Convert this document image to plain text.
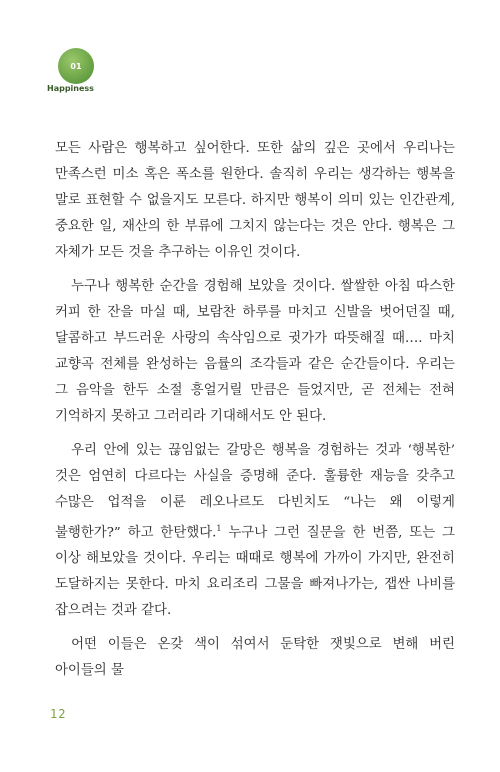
01
Happiness

모든 사람은 행복하고 싶어한다. 또한 삶의 깊은 곳에서 우리나는 만족스런 미소 혹은 폭소를 원한다. 솔직히 우리는 생각하는 행복을 말로 표현할 수 없을지도 모른다. 하지만 행복이 의미 있는 인간관계, 중요한 일, 재산의 한 부류에 그치지 않는다는 것은 안다. 행복은 그 자체가 모든 것을 추구하는 이유인 것이다.

누구나 행복한 순간을 경험해 보았을 것이다. 쌀쌀한 아침 따스한 커피 한 잔을 마실 때, 보람찬 하루를 마치고 신발을 벗어던질 때, 달콤하고 부드러운 사랑의 속삭임으로 귓가가 따뜻해질 때…. 마치 교향곡 전체를 완성하는 음률의 조각들과 같은 순간들이다. 우리는 그 음악을 한두 소절 흥얼거릴 만큼은 들었지만, 곧 전체는 전혀 기억하지 못하고 그러리라 기대해서도 안 된다.

우리 안에 있는 끊임없는 갈망은 행복을 경험하는 것과 ‘행복한’ 것은 엄연히 다르다는 사실을 증명해 준다. 훌륭한 재능을 갖추고 수많은 업적을 이룬 레오나르도 다빈치도 “나는 왜 이렇게 불행한가?” 하고 한탄했다.$^1$ 누구나 그런 질문을 한 번쯤, 또는 그 이상 해보았을 것이다. 우리는 때때로 행복에 가까이 가지만, 완전히 도달하지는 못한다. 마치 요리조리 그물을 빠져나가는, 잽싼 나비를 잡으려는 것과 같다.

어떤 이들은 온갖 색이 섞여서 둔탁한 잿빛으로 변해 버린 아이들의 물

12
